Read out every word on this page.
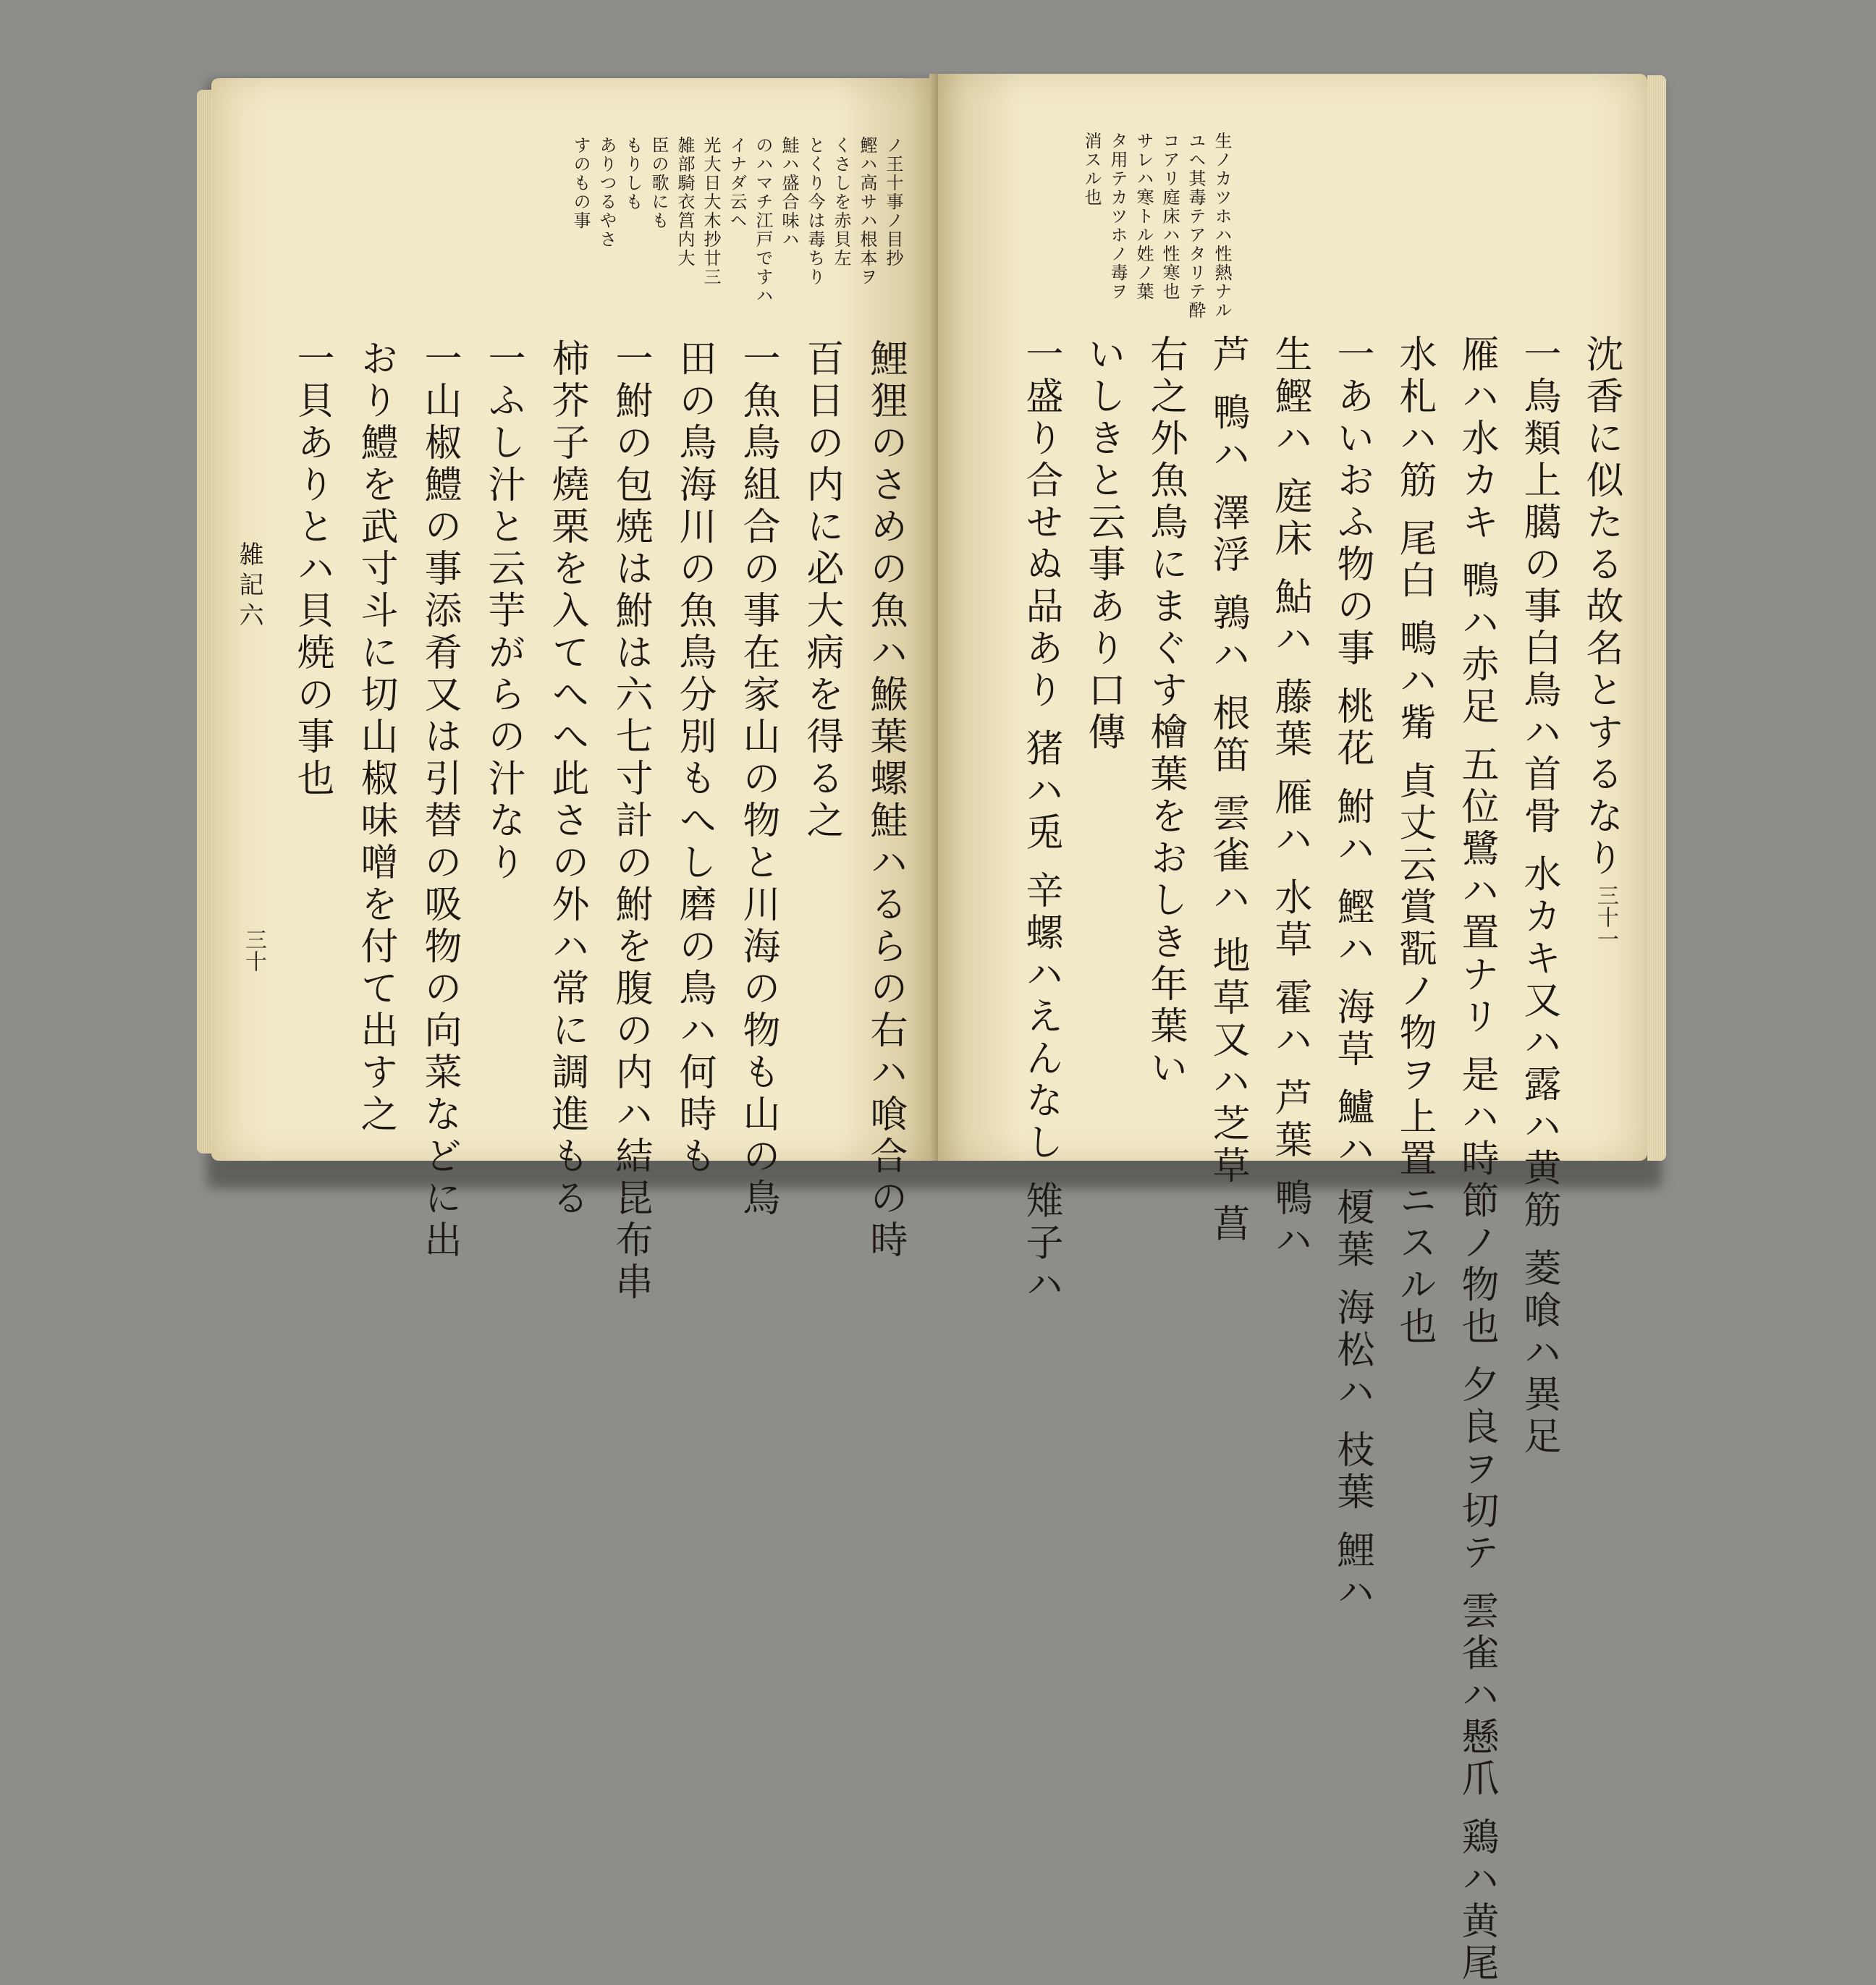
雑記六
三十
ノ王十事ノ目抄
鰹ハ高サハ根本ヲ
くさしを赤貝左
とくり今は毒ちり
鮭ハ盛合味ハ
のハマチ江戸ですハ
イナダ云ヘ
光大日大木抄廿三
雑部騎衣筥内大
臣の歌にも
もりしも
ありつるやさ
すのもの事
鯉狸のさめの魚ハ鯸葉螺鮭ハるらの右ハ喰合の時
百日の内に必大病を得る之
一魚鳥組合の事在家山の物と川海の物も山の鳥
田の鳥海川の魚鳥分別もへし磨の鳥ハ何時も
一鮒の包焼は鮒は六七寸計の鮒を腹の内ハ結昆布串
柿芥子燒栗を入てへへ此さの外ハ常に調進もる
一ふし汁と云芋がらの汁なり
一山椒鱧の事添肴又は引替の吸物の向菜などに出
おり鱧を武寸斗に切山椒味噌を付て出す之
一貝ありとハ貝焼の事也
三十一
生ノカツホハ性熱ナル
ユヘ其毒テアタリテ酔
コアリ庭床ハ性寒也
サレハ寒トル姓ノ葉
タ用テカツホノ毒ヲ
消スル也
沈香に似たる故名とするなり
一鳥類上臈の事白鳥ハ首骨 水カキ又ハ露ハ黄筋 菱喰ハ異足
雁ハ水カキ 鴨ハ赤足 五位鷺ハ置ナリ 是ハ時節ノ物也 夕良ヲ切テ 雲雀ハ懸爪 鶏ハ黄尾
水札ハ筋 尾白 鴫ハ觜 貞丈云賞翫ノ物ヲ上置ニスル也
一あいおふ物の事 桃花 鮒ハ 鰹ハ 海草 鱸ハ 榎葉 海松ハ 枝葉 鯉ハ
生鰹ハ 庭床 鮎ハ 藤葉 雁ハ 水草 霍ハ 芦葉 鴨ハ
芦 鴨ハ 澤浮 鶉ハ 根笛 雲雀ハ 地草又ハ芝草 菖
右之外魚鳥にまぐす檜葉をおしき年葉い
いしきと云事あり口傳
一盛り合せぬ品あり 猪ハ兎 辛螺ハえんなし 雉子ハ
